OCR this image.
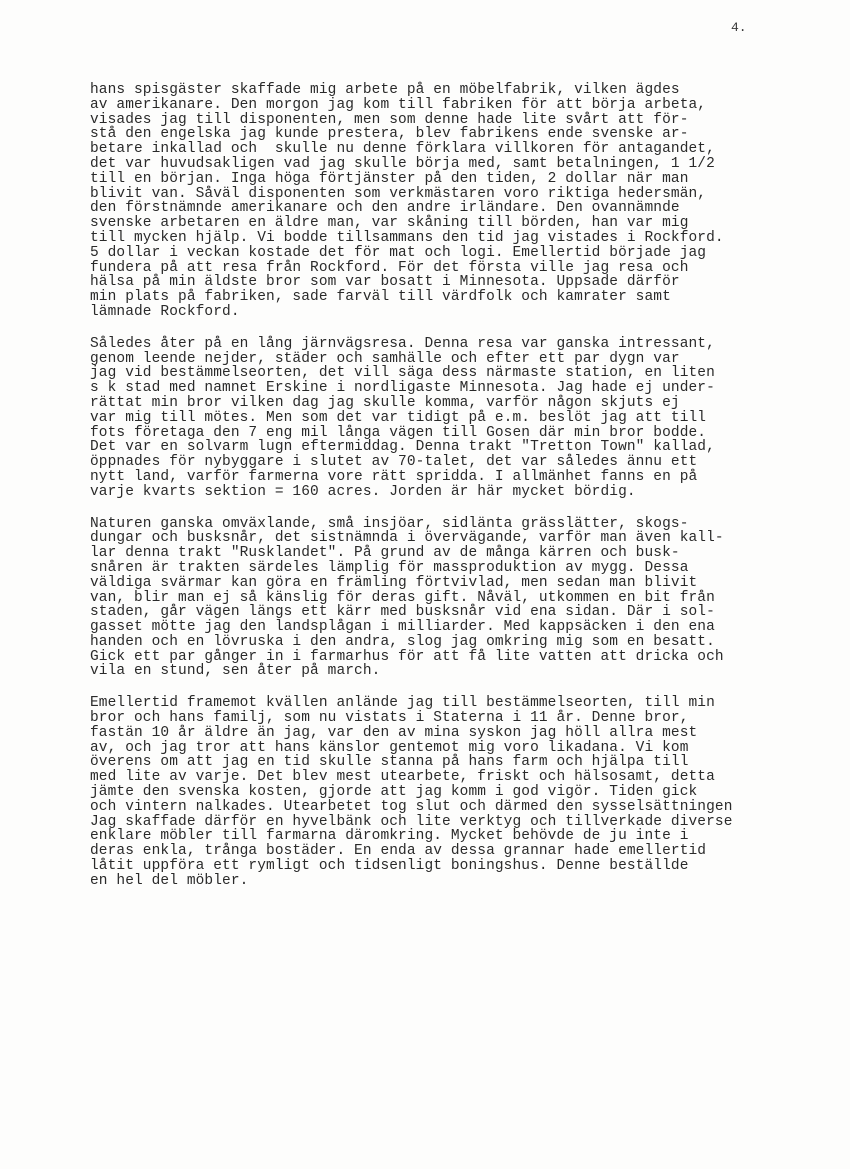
4.
hans spisgäster skaffade mig arbete på en möbelfabrik, vilken ägdes
av amerikanare. Den morgon jag kom till fabriken för att börja arbeta,
visades jag till disponenten, men som denne hade lite svårt att för-
stå den engelska jag kunde prestera, blev fabrikens ende svenske ar-
betare inkallad och  skulle nu denne förklara villkoren för antagandet,
det var huvudsakligen vad jag skulle börja med, samt betalningen, 1 1/2
till en början. Inga höga förtjänster på den tiden, 2 dollar när man
blivit van. Såväl disponenten som verkmästaren voro riktiga hedersmän,
den förstnämnde amerikanare och den andre irländare. Den ovannämnde
svenske arbetaren en äldre man, var skåning till börden, han var mig
till mycken hjälp. Vi bodde tillsammans den tid jag vistades i Rockford.
5 dollar i veckan kostade det för mat och logi. Emellertid började jag
fundera på att resa från Rockford. För det första ville jag resa och
hälsa på min äldste bror som var bosatt i Minnesota. Uppsade därför
min plats på fabriken, sade farväl till värdfolk och kamrater samt
lämnade Rockford.
Således åter på en lång järnvägsresa. Denna resa var ganska intressant,
genom leende nejder, städer och samhälle och efter ett par dygn var
jag vid bestämmelseorten, det vill säga dess närmaste station, en liten
s k stad med namnet Erskine i nordligaste Minnesota. Jag hade ej under-
rättat min bror vilken dag jag skulle komma, varför någon skjuts ej
var mig till mötes. Men som det var tidigt på e.m. beslöt jag att till
fots företaga den 7 eng mil långa vägen till Gosen där min bror bodde.
Det var en solvarm lugn eftermiddag. Denna trakt "Tretton Town" kallad,
öppnades för nybyggare i slutet av 70-talet, det var således ännu ett
nytt land, varför farmerna vore rätt spridda. I allmänhet fanns en på
varje kvarts sektion = 160 acres. Jorden är här mycket bördig.
Naturen ganska omväxlande, små insjöar, sidlänta grässlätter, skogs-
dungar och busksnår, det sistnämnda i övervägande, varför man även kall-
lar denna trakt "Rusklandet". På grund av de många kärren och busk-
snåren är trakten särdeles lämplig för massproduktion av mygg. Dessa
väldiga svärmar kan göra en främling förtvivlad, men sedan man blivit
van, blir man ej så känslig för deras gift. Nåväl, utkommen en bit från
staden, går vägen längs ett kärr med busksnår vid ena sidan. Där i sol-
gasset mötte jag den landsplågan i milliarder. Med kappsäcken i den ena
handen och en lövruska i den andra, slog jag omkring mig som en besatt.
Gick ett par gånger in i farmarhus för att få lite vatten att dricka och
vila en stund, sen åter på march.
Emellertid framemot kvällen anlände jag till bestämmelseorten, till min
bror och hans familj, som nu vistats i Staterna i 11 år. Denne bror,
fastän 10 år äldre än jag, var den av mina syskon jag höll allra mest
av, och jag tror att hans känslor gentemot mig voro likadana. Vi kom
överens om att jag en tid skulle stanna på hans farm och hjälpa till
med lite av varje. Det blev mest utearbete, friskt och hälsosamt, detta
jämte den svenska kosten, gjorde att jag komm i god vigör. Tiden gick
och vintern nalkades. Utearbetet tog slut och därmed den sysselsättningen
Jag skaffade därför en hyvelbänk och lite verktyg och tillverkade diverse
enklare möbler till farmarna däromkring. Mycket behövde de ju inte i
deras enkla, trånga bostäder. En enda av dessa grannar hade emellertid
låtit uppföra ett rymligt och tidsenligt boningshus. Denne beställde
en hel del möbler.
